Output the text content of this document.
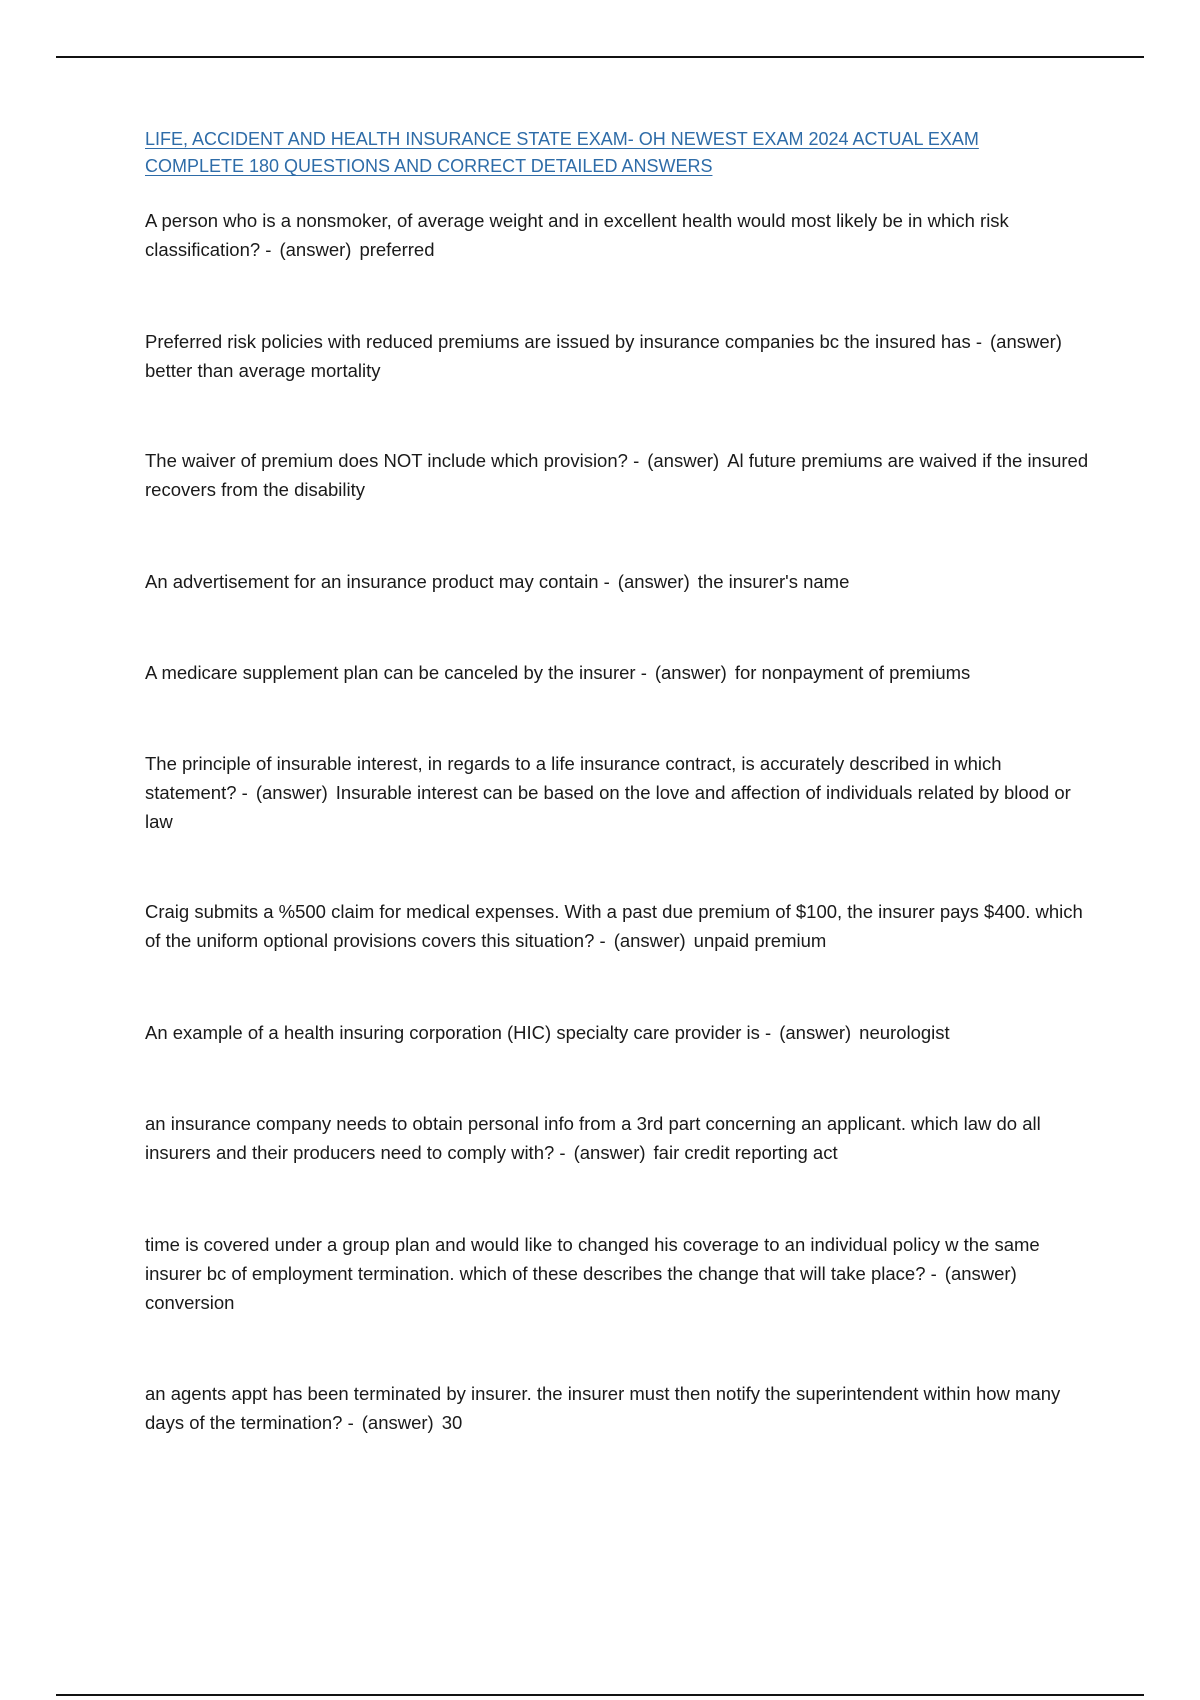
LIFE, ACCIDENT AND HEALTH INSURANCE STATE EXAM- OH NEWEST EXAM 2024 ACTUAL EXAM
COMPLETE 180 QUESTIONS AND CORRECT DETAILED ANSWERS

A person who is a nonsmoker, of average weight and in excellent health would most likely be in which risk classification? - (answer) preferred

Preferred risk policies with reduced premiums are issued by insurance companies bc the insured has - (answer)better than average mortality

The waiver of premium does NOT include which provision? - (answer) Al future premiums are waived if the insured recovers from the disability

An advertisement for an insurance product may contain - (answer) the insurer's name

A medicare supplement plan can be canceled by the insurer - (answer) for nonpayment of premiums

The principle of insurable interest, in regards to a life insurance contract, is accurately described in which statement? - (answer) Insurable interest can be based on the love and affection of individuals related by blood or law

Craig submits a %500 claim for medical expenses. With a past due premium of $100, the insurer pays $400. which of the uniform optional provisions covers this situation? - (answer) unpaid premium

An example of a health insuring corporation (HIC) specialty care provider is - (answer) neurologist

an insurance company needs to obtain personal info from a 3rd part concerning an applicant. which law do all insurers and their producers need to comply with? - (answer) fair credit reporting act

time is covered under a group plan and would like to changed his coverage to an individual policy w the same insurer bc of employment termination. which of these describes the change that will take place? - (answer)conversion

an agents appt has been terminated by insurer. the insurer must then notify the superintendent within how many days of the termination? - (answer) 30
